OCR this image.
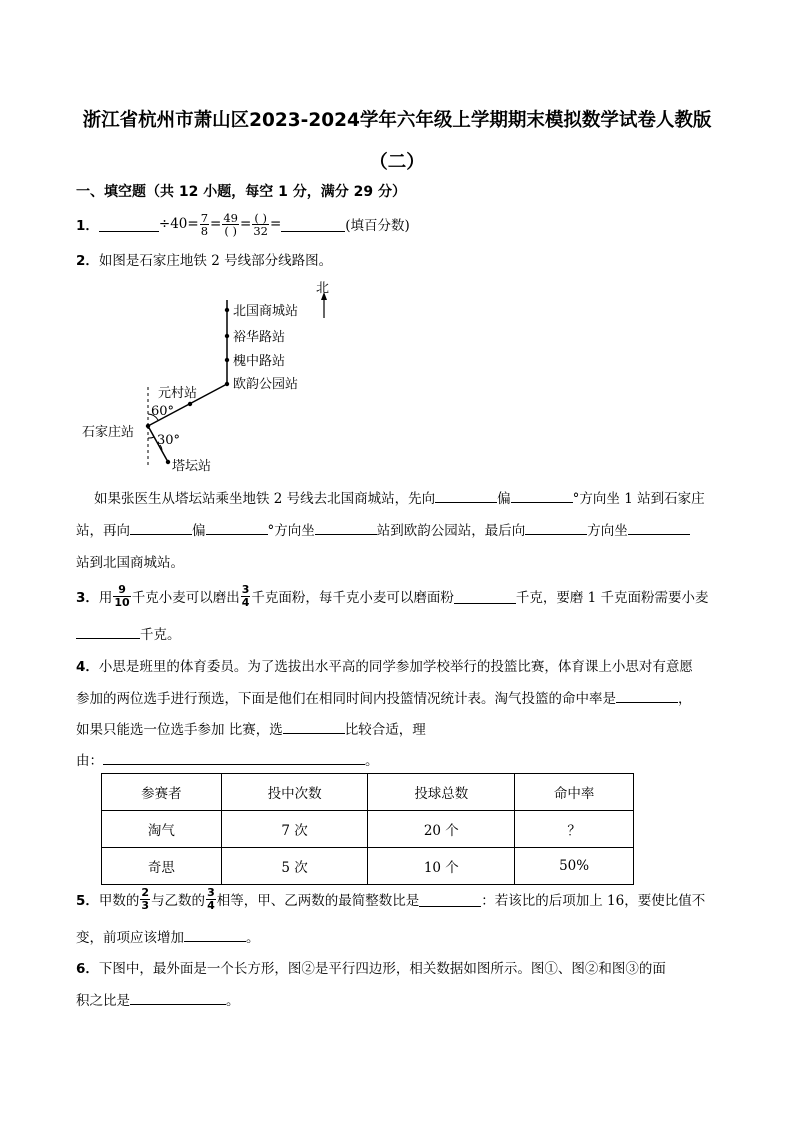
浙江省杭州市萧山区2023-2024学年六年级上学期期末模拟数学试卷人教版
（二）
一、填空题（共 12 小题，每空 1 分，满分 29 分）
1．	$\div 40= \frac{7}{8} = \frac{49}{( )} = \frac{( )}{32}$ =	(填百分数)
2．如图是石家庄地铁 2 号线部分线路图。
北
北国商城站
裕华路站
槐中路站
欧韵公园站
元村站
石家庄站
塔坛站
60°
30°
如果张医生从塔坛站乘坐地铁 2 号线去北国商城站，先向	偏	°方向坐 1 站到石家庄
站，再向	偏	°方向坐	站到欧韵公园站，最后向	方向坐
站到北国商城站。
3． 用
9
10 千克小麦可以磨出
3
4 千克面粉，每千克小麦可以磨面粉	千克，要磨 1 千克面粉需要小麦
千克。
4．小思是班里的体育委员。为了选拔出水平高的同学参加学校举行的投篮比赛，体育课上小思对有意愿
参加的两位选手进行预选，下面是他们在相同时间内投篮情况统计表。淘气投篮的命中率是	，
如果只能选一位选手参加 比赛，选	比较合适，理
由：	。
参赛者	投中次数	投球总数	命中率
淘气	7 次	20 个	？
奇思	5 次	10 个	50%
5． 甲数的
2
3 与乙数的
3
4 相等，甲、乙两数的最简整数比是	：若该比的后项加上 16，要使比值不
变，前项应该增加	。
6．下图中，最外面是一个长方形，图②是平行四边形，相关数据如图所示。图①、图②和图③的面
积之比是	。
